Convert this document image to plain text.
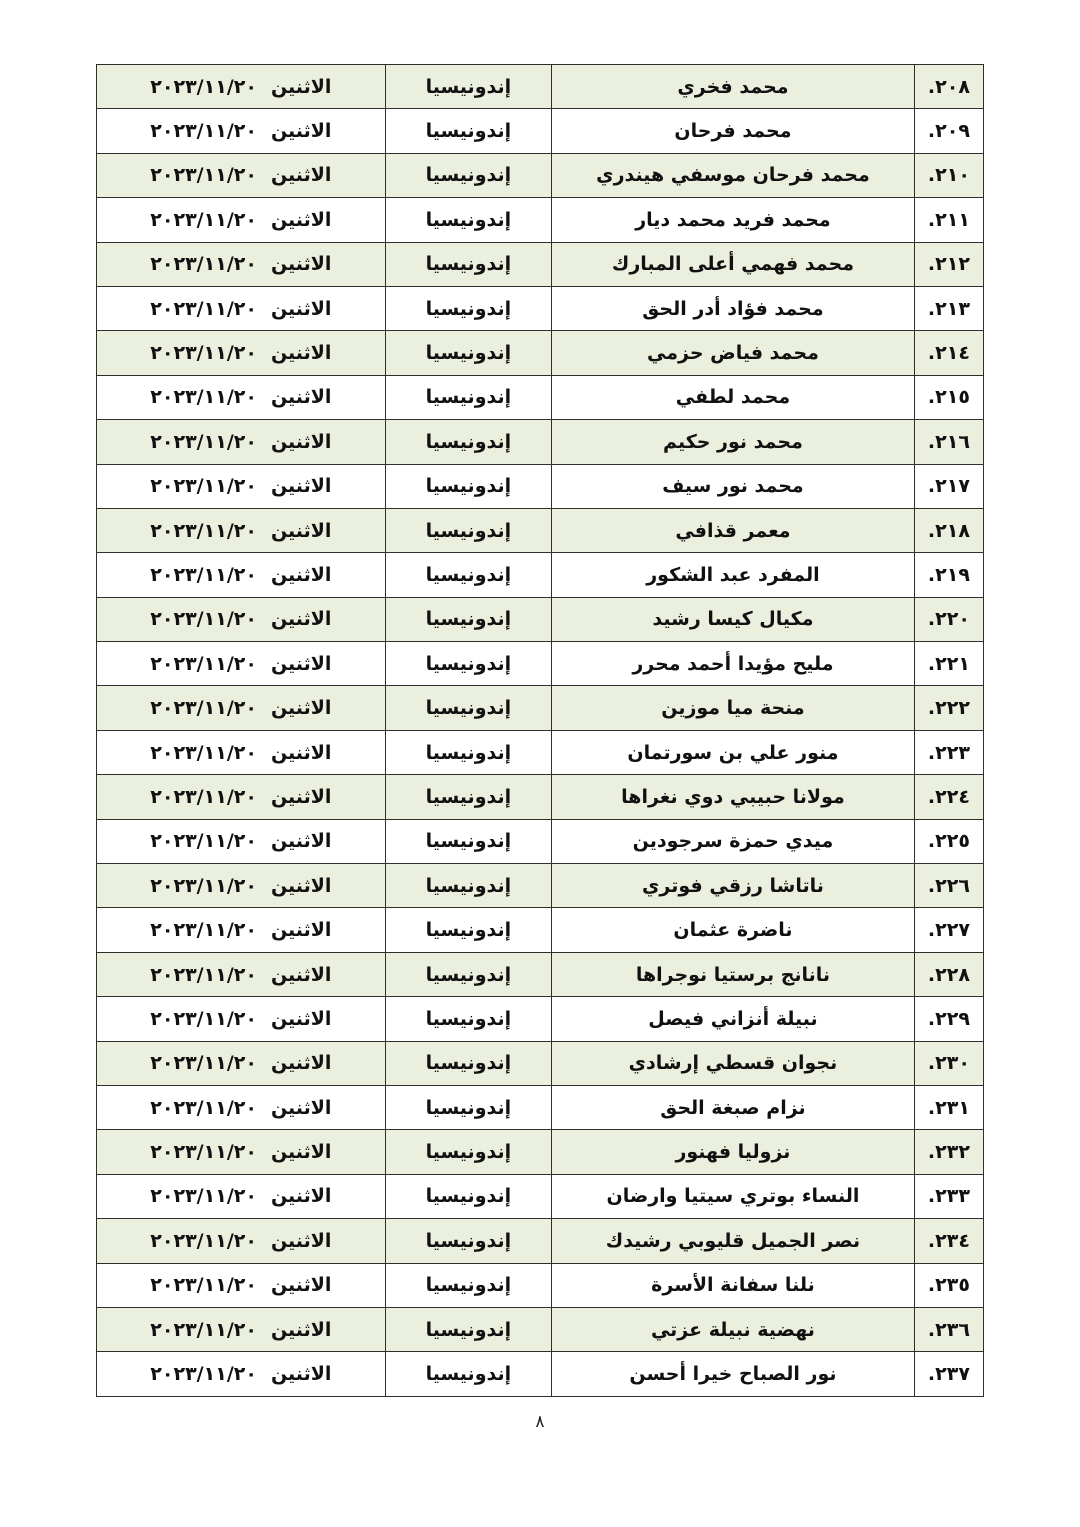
٢٠٨.	محمد فخري	إندونيسيا	الاثنين٢٠٢٣/١١/٢٠
٢٠٩.	محمد فرحان	إندونيسيا	الاثنين٢٠٢٣/١١/٢٠
٢١٠.	محمد فرحان موسفي هيندري	إندونيسيا	الاثنين٢٠٢٣/١١/٢٠
٢١١.	محمد فريد محمد ديار	إندونيسيا	الاثنين٢٠٢٣/١١/٢٠
٢١٢.	محمد فهمي أعلى المبارك	إندونيسيا	الاثنين٢٠٢٣/١١/٢٠
٢١٣.	محمد فؤاد أدر الحق	إندونيسيا	الاثنين٢٠٢٣/١١/٢٠
٢١٤.	محمد فياض حزمي	إندونيسيا	الاثنين٢٠٢٣/١١/٢٠
٢١٥.	محمد لطفي	إندونيسيا	الاثنين٢٠٢٣/١١/٢٠
٢١٦.	محمد نور حكيم	إندونيسيا	الاثنين٢٠٢٣/١١/٢٠
٢١٧.	محمد نور سيف	إندونيسيا	الاثنين٢٠٢٣/١١/٢٠
٢١٨.	معمر قذافي	إندونيسيا	الاثنين٢٠٢٣/١١/٢٠
٢١٩.	المفرد عبد الشكور	إندونيسيا	الاثنين٢٠٢٣/١١/٢٠
٢٢٠.	مكيال كيسا رشيد	إندونيسيا	الاثنين٢٠٢٣/١١/٢٠
٢٢١.	مليح مؤيدا أحمد محرر	إندونيسيا	الاثنين٢٠٢٣/١١/٢٠
٢٢٢.	منحة ميا موزين	إندونيسيا	الاثنين٢٠٢٣/١١/٢٠
٢٢٣.	منور علي بن سورتمان	إندونيسيا	الاثنين٢٠٢٣/١١/٢٠
٢٢٤.	مولانا حبيبي دوي نغراها	إندونيسيا	الاثنين٢٠٢٣/١١/٢٠
٢٢٥.	ميدي حمزة سرجودين	إندونيسيا	الاثنين٢٠٢٣/١١/٢٠
٢٢٦.	ناتاشا رزقي فوتري	إندونيسيا	الاثنين٢٠٢٣/١١/٢٠
٢٢٧.	ناضرة عثمان	إندونيسيا	الاثنين٢٠٢٣/١١/٢٠
٢٢٨.	نانانج برستيا نوجراها	إندونيسيا	الاثنين٢٠٢٣/١١/٢٠
٢٢٩.	نبيلة أنزاني فيصل	إندونيسيا	الاثنين٢٠٢٣/١١/٢٠
٢٣٠.	نجوان قسطي إرشادي	إندونيسيا	الاثنين٢٠٢٣/١١/٢٠
٢٣١.	نزام صبغة الحق	إندونيسيا	الاثنين٢٠٢٣/١١/٢٠
٢٣٢.	نزوليا فهنور	إندونيسيا	الاثنين٢٠٢٣/١١/٢٠
٢٣٣.	النساء بوتري سيتيا وارضان	إندونيسيا	الاثنين٢٠٢٣/١١/٢٠
٢٣٤.	نصر الجميل قليوبي رشيدك	إندونيسيا	الاثنين٢٠٢٣/١١/٢٠
٢٣٥.	نلنا سفانة الأسرة	إندونيسيا	الاثنين٢٠٢٣/١١/٢٠
٢٣٦.	نهضية نبيلة عزتي	إندونيسيا	الاثنين٢٠٢٣/١١/٢٠
٢٣٧.	نور الصباح خيرا أحسن	إندونيسيا	الاثنين٢٠٢٣/١١/٢٠
٨
